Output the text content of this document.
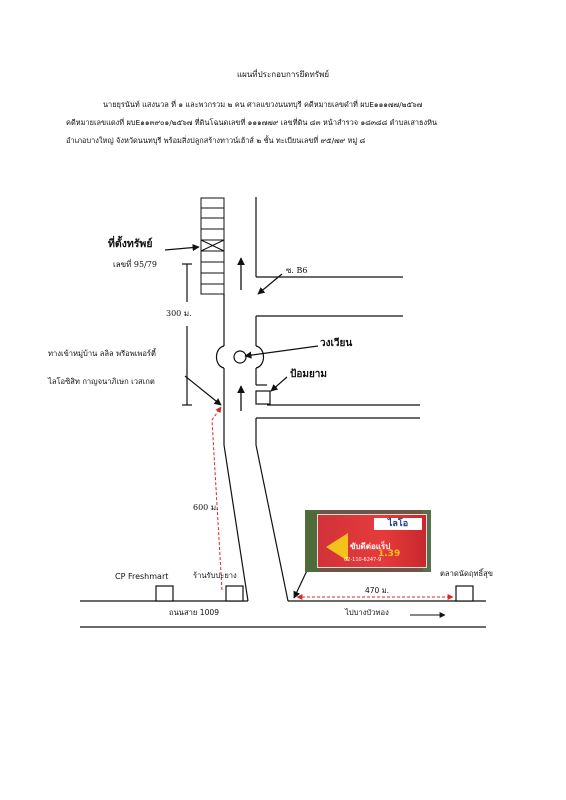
แผนที่ประกอบการยึดทรัพย์
นายยุรนันท์ แสงนวล ที่ ๑ และพวกรวม ๒ คน ศาลแขวงนนทบุรี คดีหมายเลขดำที่ ผบE๑๑๑๗๗/๒๕๖๗
คดีหมายเลขแดงที่ ผบE๑๑๓๙๐๑/๒๕๖๗ ที่ดินโฉนดเลขที่ ๑๑๑๗๗๙ เลขที่ดิน ๘๓ หน้าสำรวจ ๑๘๓๘๘ ตำบลเสาธงหิน
อำเภอบางใหญ่ จังหวัดนนทบุรี พร้อมสิ่งปลูกสร้างทาวน์เฮ้าส์ ๒ ชั้น ทะเบียนเลขที่ ๙๕/๗๙ หมู่ ๘
ที่ตั้งทรัพย์
เลขที่ 95/79
ซ. B6
300 ม.
ทางเข้าหมู่บ้าน ลลิล พรีอพเพอร์ตี้
ไลโอซิสิท กาญจนาภิเษก เวสเกต
วงเวียน
ป้อมยาม
600 ม.
CP Freshmart	ร้านรับปะยาง	ตลาดนัดฤทธิ์สุข
470 ม.
ถนนสาย 1009	ไปบางบัวทอง
ไลโอ
ขับดีต่อแร็ป
1.39
02-110-6247-9
